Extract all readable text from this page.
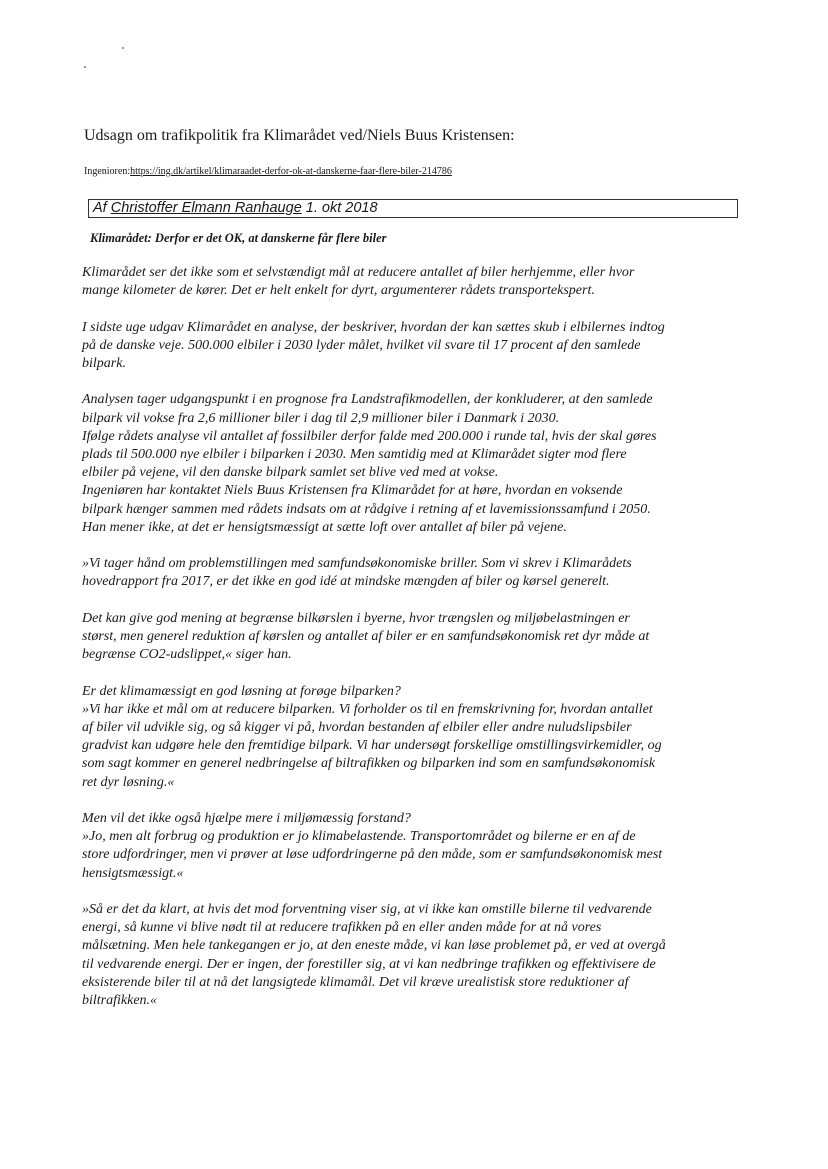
Udsagn om trafikpolitik fra Klimarådet ved/Niels Buus Kristensen:
Ingenioren:https://ing.dk/artikel/klimaraadet-derfor-ok-at-danskerne-faar-flere-biler-214786
Af Christoffer Elmann Ranhauge 1. okt 2018
Klimarådet: Derfor er det OK, at danskerne får flere biler

Klimarådet ser det ikke som et selvstændigt mål at reducere antallet af biler herhjemme, eller hvor
mange kilometer de kører. Det er helt enkelt for dyrt, argumenterer rådets transportekspert.

I sidste uge udgav Klimarådet en analyse, der beskriver, hvordan der kan sættes skub i elbilernes indtog
på de danske veje. 500.000 elbiler i 2030 lyder målet, hvilket vil svare til 17 procent af den samlede
bilpark.

Analysen tager udgangspunkt i en prognose fra Landstrafikmodellen, der konkluderer, at den samlede
bilpark vil vokse fra 2,6 millioner biler i dag til 2,9 millioner biler i Danmark i 2030.
Ifølge rådets analyse vil antallet af fossilbiler derfor falde med 200.000 i runde tal, hvis der skal gøres
plads til 500.000 nye elbiler i bilparken i 2030. Men samtidig med at Klimarådet sigter mod flere
elbiler på vejene, vil den danske bilpark samlet set blive ved med at vokse.
Ingeniøren har kontaktet Niels Buus Kristensen fra Klimarådet for at høre, hvordan en voksende
bilpark hænger sammen med rådets indsats om at rådgive i retning af et lavemissionssamfund i 2050.
Han mener ikke, at det er hensigtsmæssigt at sætte loft over antallet af biler på vejene.

»Vi tager hånd om problemstillingen med samfundsøkonomiske briller. Som vi skrev i Klimarådets
hovedrapport fra 2017, er det ikke en god idé at mindske mængden af biler og kørsel generelt.

Det kan give god mening at begrænse bilkørslen i byerne, hvor trængslen og miljøbelastningen er
størst, men generel reduktion af kørslen og antallet af biler er en samfundsøkonomisk ret dyr måde at
begrænse CO2-udslippet,« siger han.

Er det klimamæssigt en god løsning at forøge bilparken?
»Vi har ikke et mål om at reducere bilparken. Vi forholder os til en fremskrivning for, hvordan antallet
af biler vil udvikle sig, og så kigger vi på, hvordan bestanden af elbiler eller andre nuludslipsbiler
gradvist kan udgøre hele den fremtidige bilpark. Vi har undersøgt forskellige omstillingsvirkemidler, og
som sagt kommer en generel nedbringelse af biltrafikken og bilparken ind som en samfundsøkonomisk
ret dyr løsning.«

Men vil det ikke også hjælpe mere i miljømæssig forstand?
»Jo, men alt forbrug og produktion er jo klimabelastende. Transportområdet og bilerne er en af de
store udfordringer, men vi prøver at løse udfordringerne på den måde, som er samfundsøkonomisk mest
hensigtsmæssigt.«

»Så er det da klart, at hvis det mod forventning viser sig, at vi ikke kan omstille bilerne til vedvarende
energi, så kunne vi blive nødt til at reducere trafikken på en eller anden måde for at nå vores
målsætning. Men hele tankegangen er jo, at den eneste måde, vi kan løse problemet på, er ved at overgå
til vedvarende energi. Der er ingen, der forestiller sig, at vi kan nedbringe trafikken og effektivisere de
eksisterende biler til at nå det langsigtede klimamål. Det vil kræve urealistisk store reduktioner af
biltrafikken.«
